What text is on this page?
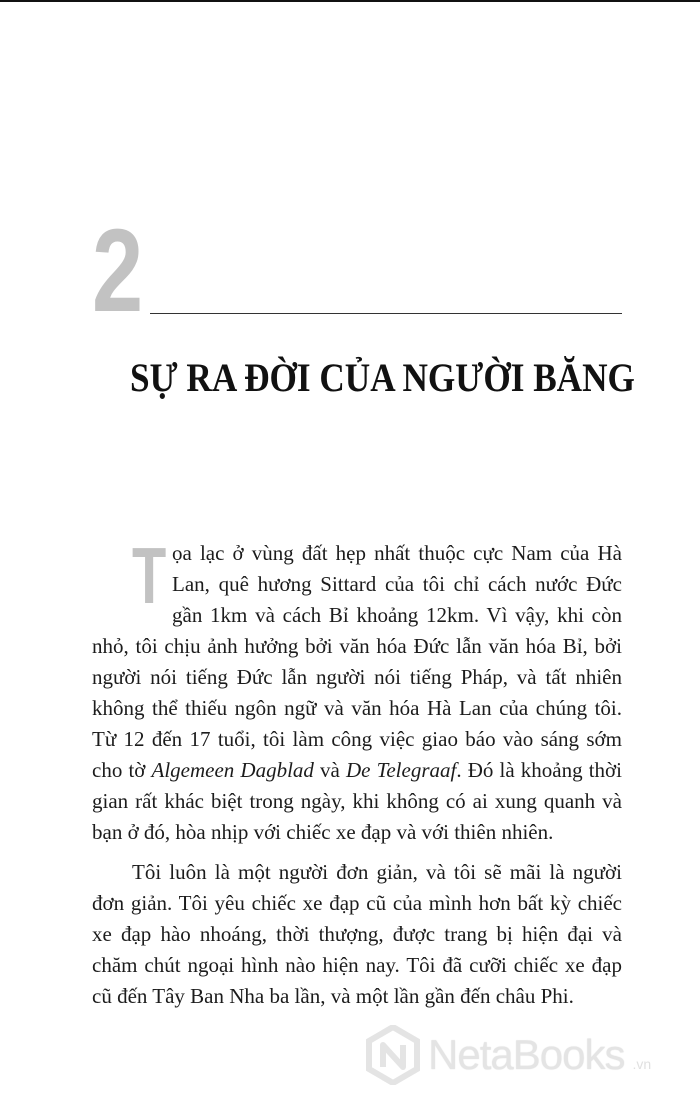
2
SỰ RA ĐỜI CỦA NGƯỜI BĂNG

Tọa lạc ở vùng đất hẹp nhất thuộc cực Nam của Hà Lan, quê hương Sittard của tôi chỉ cách nước Đức gần 1km và cách Bỉ khoảng 12km. Vì vậy, khi còn nhỏ, tôi chịu ảnh hưởng bởi văn hóa Đức lẫn văn hóa Bỉ, bởi người nói tiếng Đức lẫn người nói tiếng Pháp, và tất nhiên không thể thiếu ngôn ngữ và văn hóa Hà Lan của chúng tôi. Từ 12 đến 17 tuổi, tôi làm công việc giao báo vào sáng sớm cho tờ Algemeen Dagblad và De Telegraaf. Đó là khoảng thời gian rất khác biệt trong ngày, khi không có ai xung quanh và bạn ở đó, hòa nhịp với chiếc xe đạp và với thiên nhiên.

Tôi luôn là một người đơn giản, và tôi sẽ mãi là người đơn giản. Tôi yêu chiếc xe đạp cũ của mình hơn bất kỳ chiếc xe đạp hào nhoáng, thời thượng, được trang bị hiện đại và chăm chút ngoại hình nào hiện nay. Tôi đã cưỡi chiếc xe đạp cũ đến Tây Ban Nha ba lần, và một lần gần đến châu Phi.

NetaBooks .vn
